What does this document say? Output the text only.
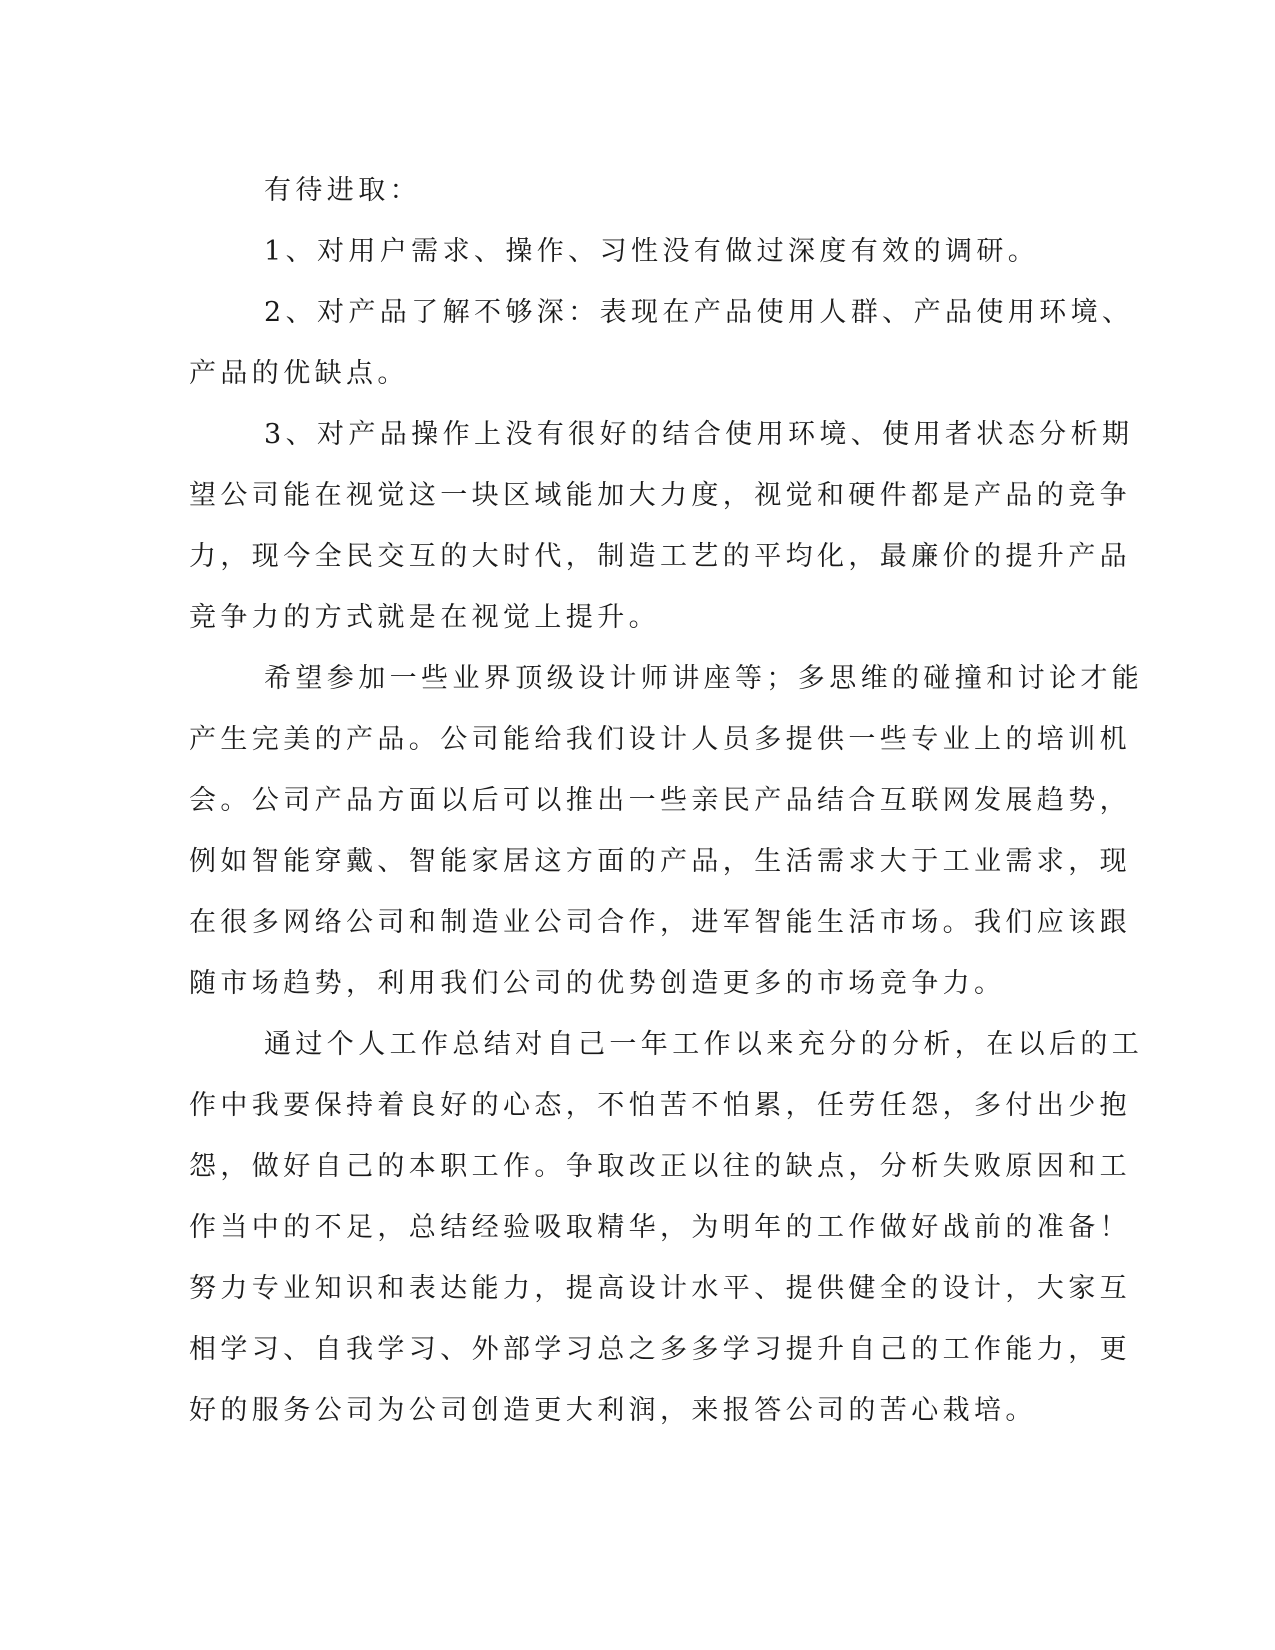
有待进取：

1、对用户需求、操作、习性没有做过深度有效的调研。

2、对产品了解不够深：表现在产品使用人群、产品使用环境、
产品的优缺点。

3、对产品操作上没有很好的结合使用环境、使用者状态分析期
望公司能在视觉这一块区域能加大力度，视觉和硬件都是产品的竞争
力，现今全民交互的大时代，制造工艺的平均化，最廉价的提升产品
竞争力的方式就是在视觉上提升。

希望参加一些业界顶级设计师讲座等；多思维的碰撞和讨论才能
产生完美的产品。公司能给我们设计人员多提供一些专业上的培训机
会。公司产品方面以后可以推出一些亲民产品结合互联网发展趋势，
例如智能穿戴、智能家居这方面的产品，生活需求大于工业需求，现
在很多网络公司和制造业公司合作，进军智能生活市场。我们应该跟
随市场趋势，利用我们公司的优势创造更多的市场竞争力。

通过个人工作总结对自己一年工作以来充分的分析，在以后的工
作中我要保持着良好的心态，不怕苦不怕累，任劳任怨，多付出少抱
怨，做好自己的本职工作。争取改正以往的缺点，分析失败原因和工
作当中的不足，总结经验吸取精华，为明年的工作做好战前的准备！
努力专业知识和表达能力，提高设计水平、提供健全的设计，大家互
相学习、自我学习、外部学习总之多多学习提升自己的工作能力，更
好的服务公司为公司创造更大利润，来报答公司的苦心栽培。
